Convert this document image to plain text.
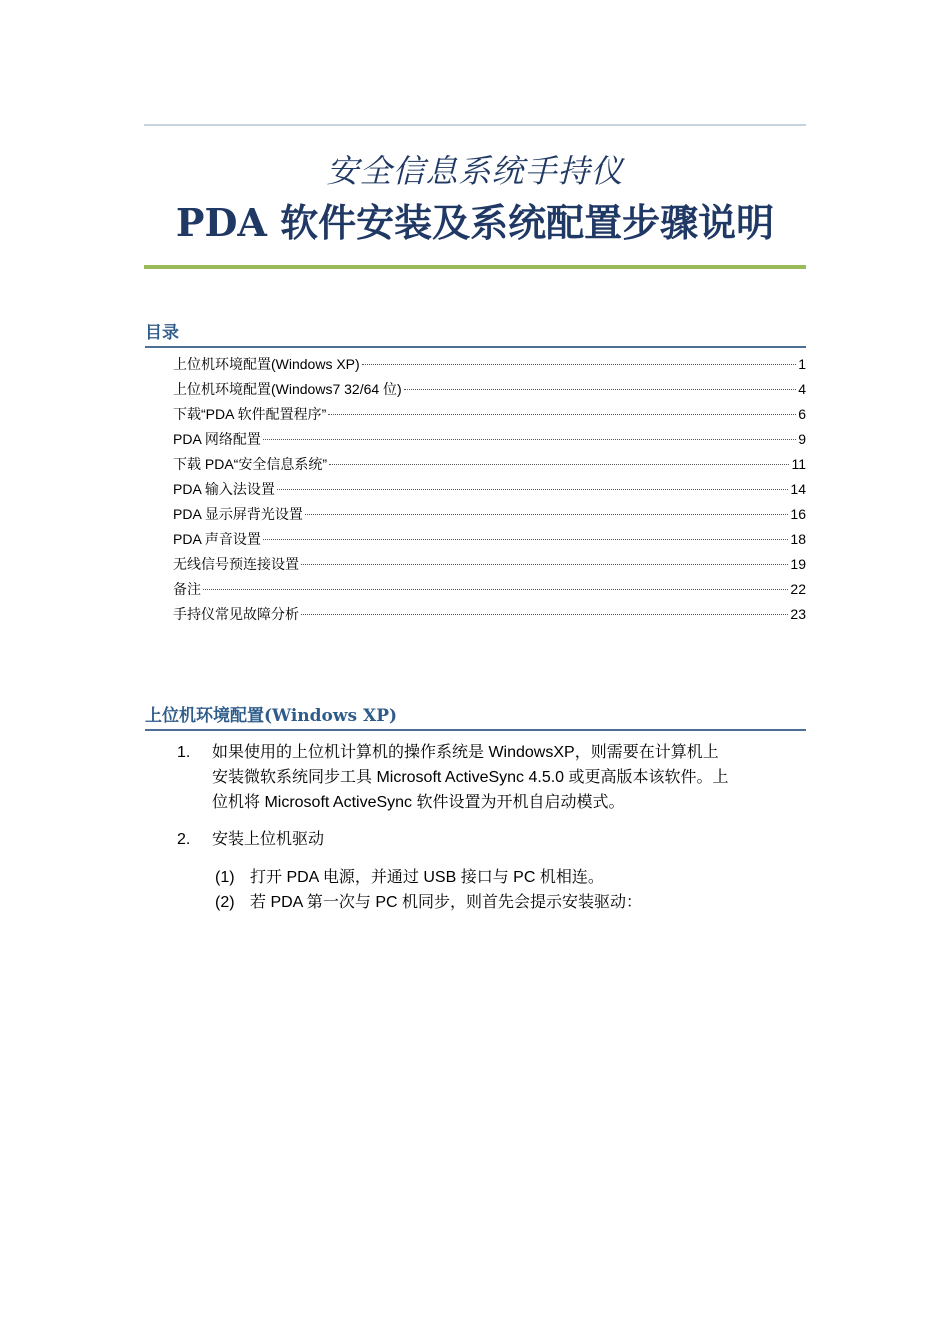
安全信息系统手持仪
PDA 软件安装及系统配置步骤说明
目录
上位机环境配置(Windows XP)	1
上位机环境配置(Windows7 32/64 位)	4
下载“PDA 软件配置程序”	6
PDA 网络配置	9
下载 PDA“安全信息系统”	11
PDA 输入法设置	14
PDA 显示屏背光设置	16
PDA 声音设置	18
无线信号预连接设置	19
备注	22
手持仪常见故障分析	23
上位机环境配置(Windows XP)
1.	如果使用的上位机计算机的操作系统是 WindowsXP，则需要在计算机上
安装微软系统同步工具 Microsoft ActiveSync 4.5.0 或更高版本该软件。上
位机将 Microsoft ActiveSync 软件设置为开机自启动模式。
2.	安装上位机驱动
(1) 打开 PDA 电源，并通过 USB 接口与 PC 机相连。
(2) 若 PDA 第一次与 PC 机同步，则首先会提示安装驱动：
